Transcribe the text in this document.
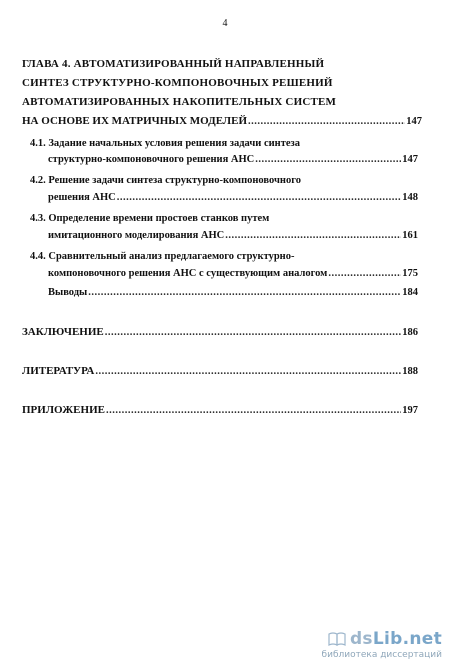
4
ГЛАВА 4. АВТОМАТИЗИРОВАННЫЙ НАПРАВЛЕННЫЙ
СИНТЕЗ СТРУКТУРНО-КОМПОНОВОЧНЫХ РЕШЕНИЙ
АВТОМАТИЗИРОВАННЫХ НАКОПИТЕЛЬНЫХ СИСТЕМ
НА ОСНОВЕ ИХ МАТРИЧНЫХ МОДЕЛЕЙ .....	147
4.1. Задание начальных условия решения задачи синтеза
структурно-компоновочного решения АНС .....	147
4.2. Решение задачи синтеза структурно-компоновочного
решения АНС .....	148
4.3. Определение времени простоев станков путем
имитационного моделирования АНС .....	161
4.4. Сравнительный анализ предлагаемого структурно-
компоновочного решения АНС с существующим аналогом .....	175
Выводы .....	184
ЗАКЛЮЧЕНИЕ .....	186
ЛИТЕРАТУРА .....	188
ПРИЛОЖЕНИЕ .....	197
dsLib.net
библиотека диссертаций
